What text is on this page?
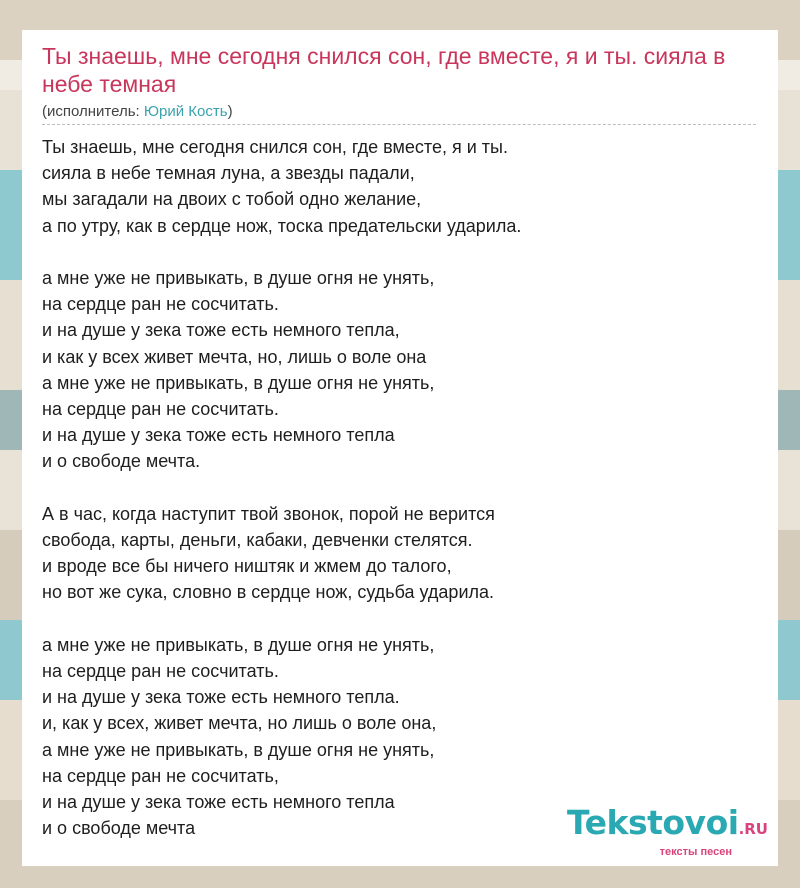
Ты знаешь, мне сегодня снился сон, где вместе, я и ты. сияла в небе темная
(исполнитель: Юрий Кость)
Ты знаешь, мне сегодня снился сон, где вместе, я и ты.
сияла в небе темная луна, а звезды падали,
мы загадали на двоих с тобой одно желание,
а по утру, как в сердце нож, тоска предательски ударила.
а мне уже не привыкать, в душе огня не унять,
на сердце ран не сосчитать.
и на душе у зека тоже есть немного тепла,
и как у всех живет мечта, но, лишь о воле она
а мне уже не привыкать, в душе огня не унять,
на сердце ран не сосчитать.
и на душе у зека тоже есть немного тепла
и о свободе мечта.
А в час, когда наступит твой звонок, порой не верится
свобода, карты, деньги, кабаки, девченки стелятся.
и вроде все бы ничего ништяк и жмем до талого,
но вот же сука, словно в сердце нож, судьба ударила.
а мне уже не привыкать, в душе огня не унять,
на сердце ран не сосчитать.
и на душе у зека тоже есть немного тепла.
и, как у всех, живет мечта, но лишь о воле она,
а мне уже не привыкать, в душе огня не унять,
на сердце ран не сосчитать,
и на душе у зека тоже есть немного тепла
и о свободе мечта	Tekstovoi.RU
тексты песен
